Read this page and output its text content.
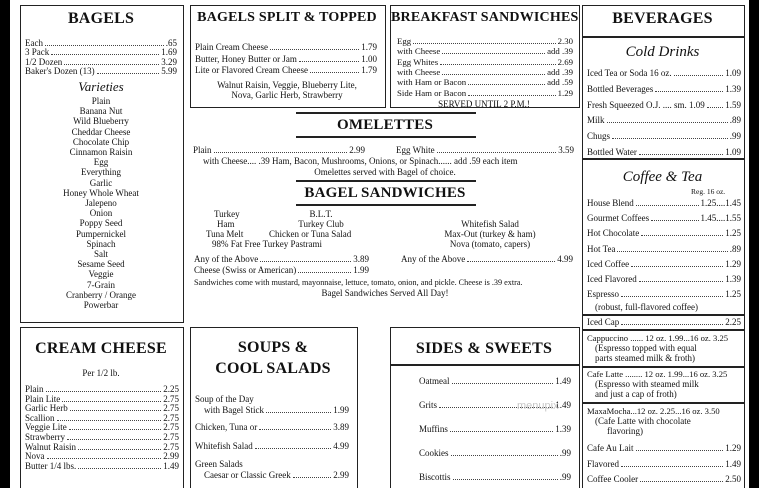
BAGELS
Each	.65
3 Pack	1.69
1/2 Dozen	3.29
Baker's Dozen (13)	5.99
Varieties
Plain
Banana Nut
Wild Blueberry
Cheddar Cheese
Chocolate Chip
Cinnamon Raisin
Egg
Everything
Garlic
Honey Whole Wheat
Jalepeno
Onion
Poppy Seed
Pumpernickel
Spinach
Salt
Sesame Seed
Veggie
7-Grain
Cranberry / Orange
Powerbar
BAGELS SPLIT & TOPPED
Plain Cream Cheese	1.79
Butter, Honey Butter or Jam	1.00
Lite or Flavored Cream Cheese	1.79
Walnut Raisin, Veggie, Blueberry Lite,
Nova, Garlic Herb, Strawberry
BREAKFAST SANDWICHES
Egg	2.30
with Cheese	add .39
Egg Whites	2.69
with Cheese	add .39
with Ham or Bacon	add .59
Side Ham or Bacon	1.29
SERVED UNTIL 2 P.M.!
OMELETTES
Plain	2.99	Egg White	3.59
with Cheese.... .39 Ham, Bacon, Mushrooms, Onions, or Spinach...... add .59 each item
Omelettes served with Bagel of choice.
BAGEL SANDWICHES
Turkey
Ham
Tuna Melt
B.L.T.
Turkey Club
Chicken or Tuna Salad
98% Fat Free Turkey Pastrami
Whitefish Salad
Max-Out (turkey & ham)
Nova (tomato, capers)
Any of the Above	3.89
Cheese (Swiss or American)	1.99
Any of the Above	4.99
Sandwiches come with mustard, mayonnaise, lettuce, tomato, onion, and pickle. Cheese is .39 extra.
Bagel Sandwiches Served All Day!
BEVERAGES
Cold Drinks
Iced Tea or Soda 16 oz.	1.09
Bottled Beverages	1.39
Fresh Squeezed O.J. .... sm. 1.09 1.59
Milk	.89
Chugs	.99
Bottled Water	1.09
Coffee & Tea
Reg. 16 oz.
House Blend	1.25....1.45
Gourmet Coffees	1.45....1.55
Hot Chocolate	1.25
Hot Tea	.89
Iced Coffee	1.29
Iced Flavored	1.39
Espresso	1.25
(robust, full-flavored coffee)
Iced Cap	2.25
Cappuccino ...... 12 oz. 1.99...16 oz. 3.25
(Espresso topped with equal
parts steamed milk & froth)
Cafe Latte ........ 12 oz. 1.99...16 oz. 3.25
(Espresso with steamed milk
and just a cap of froth)
MaxaMocha...12 oz. 2.25...16 oz. 3.50
(Cafe Latte with chocolate
flavoring)
Cafe Au Lait	1.29
Flavored	1.49
Coffee Cooler	2.50
CREAM CHEESE
Per 1/2 lb.
Plain	2.25
Plain Lite	2.75
Garlic Herb	2.75
Scallion	2.75
Veggie Lite	2.75
Strawberry	2.75
Walnut Raisin	2.75
Nova	2.99
Butter 1/4 lbs.	1.49
SOUPS &
COOL SALADS
Soup of the Day
with Bagel Stick	1.99
Chicken, Tuna or	3.89
Whitefish Salad	4.99
Green Salads
Caesar or Classic Greek	2.99
SIDES & SWEETS
Oatmeal	1.49
Grits	1.49
Muffins	1.39
Cookies	.99
Biscottis	.99
menupix
